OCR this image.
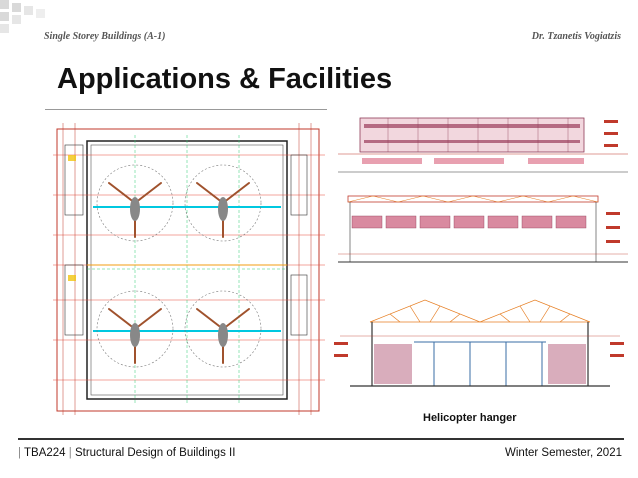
Single Storey Buildings (A-1)	Dr. Tzanetis Vogiatzis
Applications & Facilities
Helicopter hanger
| TBA224 | Structural Design of Buildings II	Winter Semester, 2021
